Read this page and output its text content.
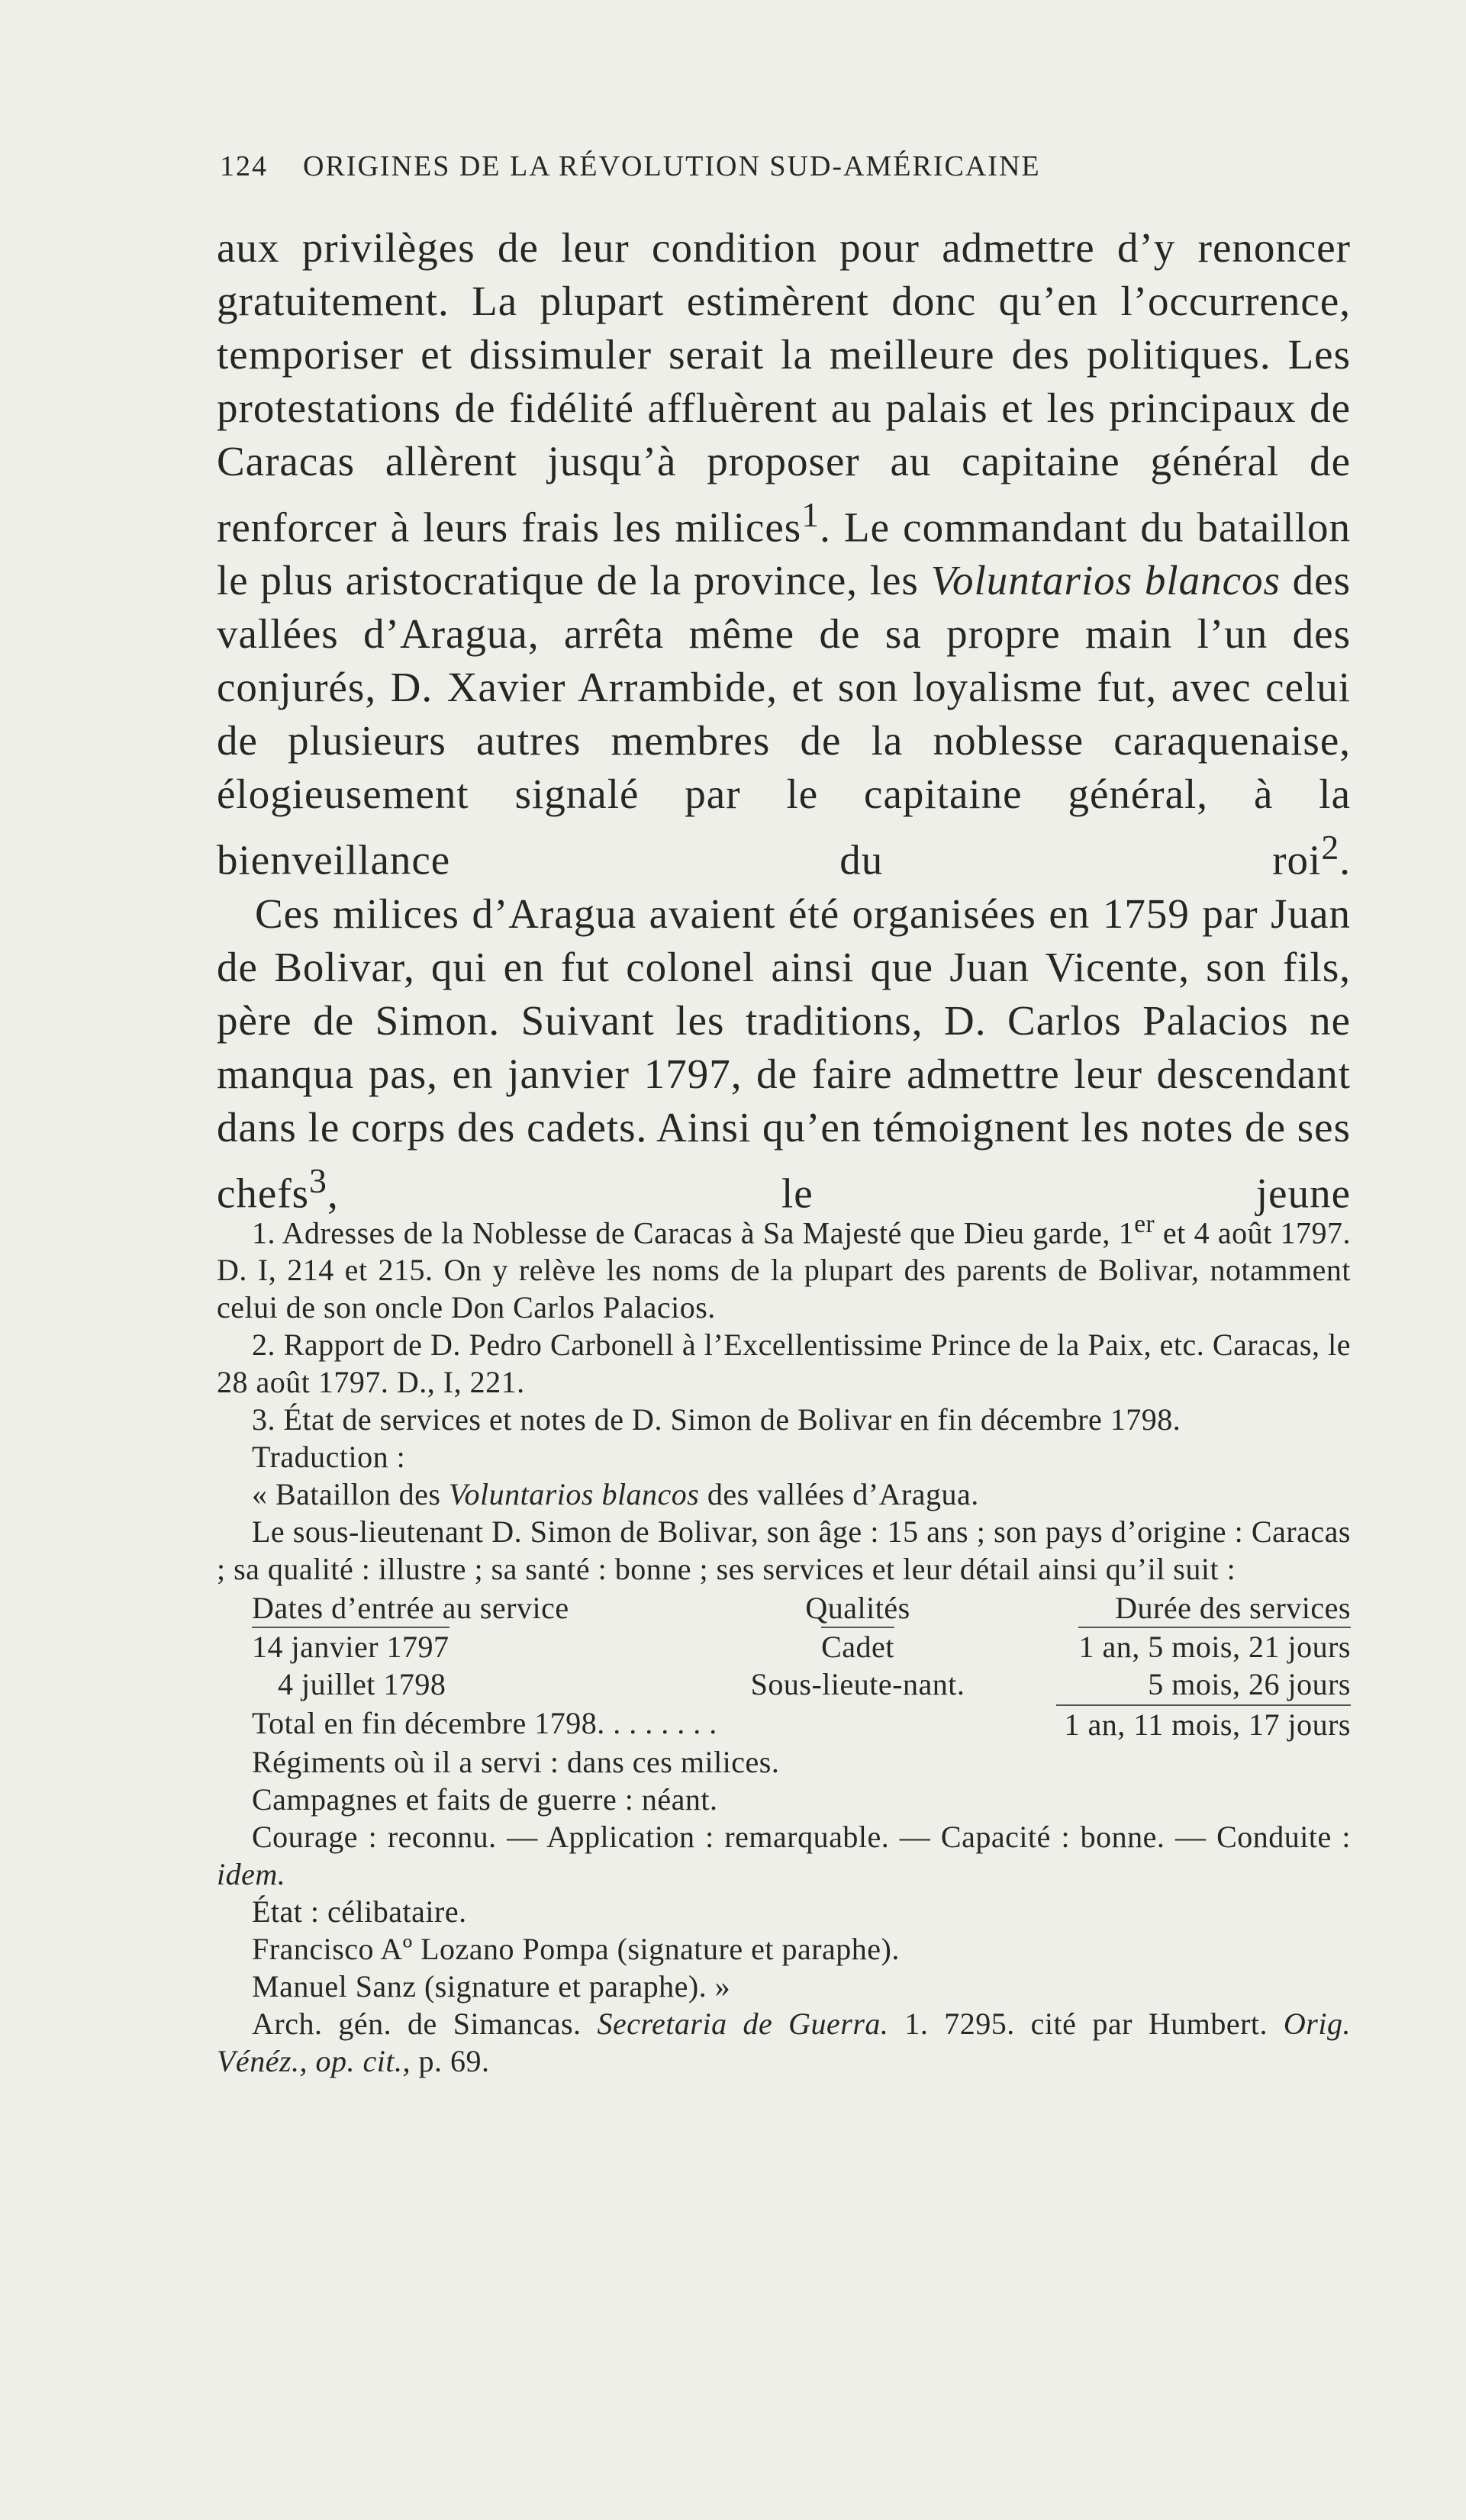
124 ORIGINES DE LA RÉVOLUTION SUD-AMÉRICAINE

aux privilèges de leur condition pour admettre d’y renoncer gratuitement. La plupart estimèrent donc qu’en l’occurrence, temporiser et dissimuler serait la meilleure des politiques. Les protestations de fidélité affluèrent au palais et les principaux de Caracas allèrent jusqu’à proposer au capitaine général de renforcer à leurs frais les milices$^1$. Le commandant du bataillon le plus aristocratique de la province, les Voluntarios blancos des vallées d’Aragua, arrêta même de sa propre main l’un des conjurés, D. Xavier Arrambide, et son loyalisme fut, avec celui de plusieurs autres membres de la noblesse caraquenaise, élogieusement signalé par le capitaine général, à la bienveillance du roi$^2$.

Ces milices d’Aragua avaient été organisées en 1759 par Juan de Bolivar, qui en fut colonel ainsi que Juan Vicente, son fils, père de Simon. Suivant les traditions, D. Carlos Palacios ne manqua pas, en janvier 1797, de faire admettre leur descendant dans le corps des cadets. Ainsi qu’en témoignent les notes de ses chefs$^3$, le jeune

1. Adresses de la Noblesse de Caracas à Sa Majesté que Dieu garde, 1er et 4 août 1797. D. I, 214 et 215. On y relève les noms de la plupart des parents de Bolivar, notamment celui de son oncle Don Carlos Palacios.

2. Rapport de D. Pedro Carbonell à l’Excellentissime Prince de la Paix, etc. Caracas, le 28 août 1797. D., I, 221.

3. État de services et notes de D. Simon de Bolivar en fin décembre 1798.

Traduction :

« Bataillon des Voluntarios blancos des vallées d’Aragua.

Le sous-lieutenant D. Simon de Bolivar, son âge : 15 ans ; son pays d’origine : Caracas ; sa qualité : illustre ; sa santé : bonne ; ses services et leur détail ainsi qu’il suit :

Dates d’entrée au service	Qualités	Durée des services
14 janvier 1797	Cadet	1 an, 5 mois, 21 jours
4 juillet 1798	Sous-lieute-nant.	5 mois, 26 jours
Total en fin décembre 1798. . . . . . . .	1 an, 11 mois, 17 jours

Régiments où il a servi : dans ces milices.

Campagnes et faits de guerre : néant.

Courage : reconnu. — Application : remarquable. — Capacité : bonne. — Conduite : idem.

État : célibataire.

Francisco Aº Lozano Pompa (signature et paraphe).

Manuel Sanz (signature et paraphe). »

Arch. gén. de Simancas. Secretaria de Guerra. 1. 7295. cité par Humbert. Orig. Vénéz., op. cit., p. 69.
